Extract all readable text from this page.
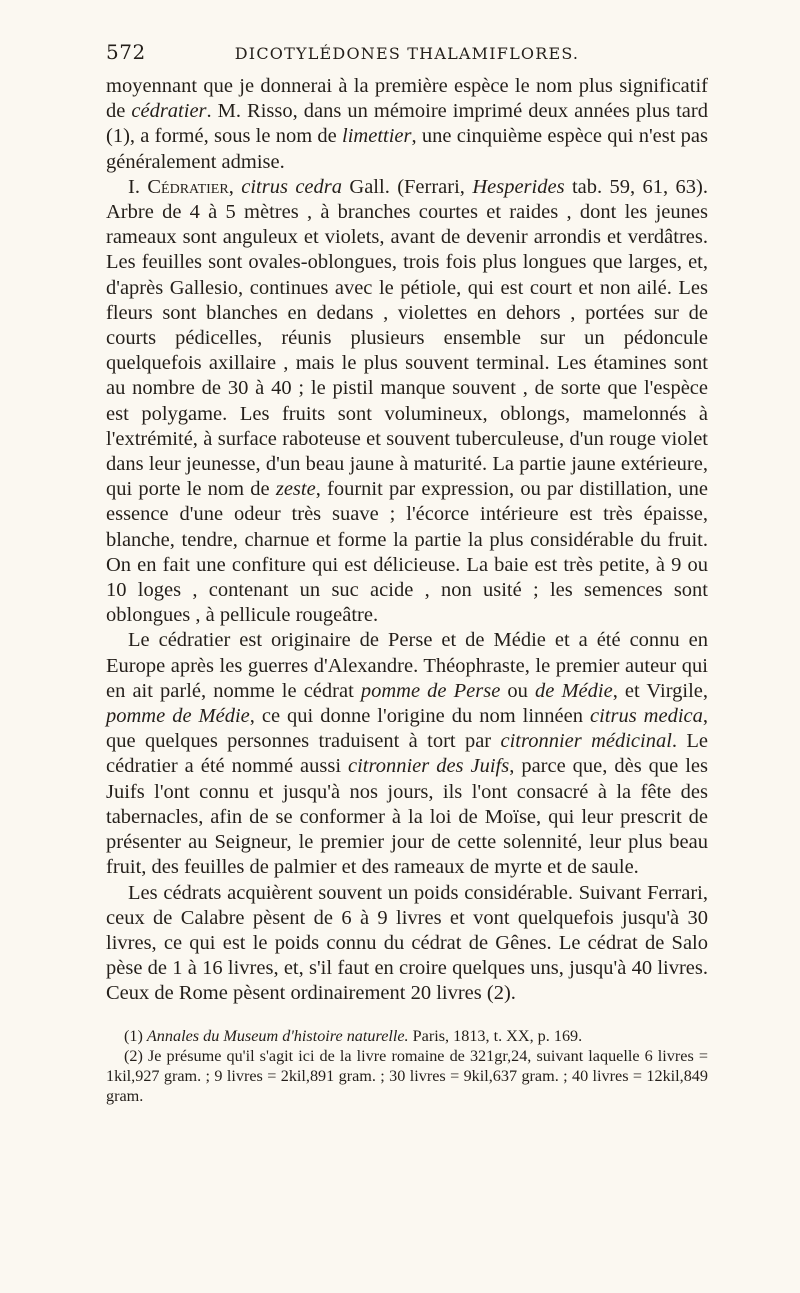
572	DICOTYLÉDONES THALAMIFLORES.

moyennant que je donnerai à la première espèce le nom plus significatif de cédratier. M. Risso, dans un mémoire imprimé deux années plus tard (1), a formé, sous le nom de limettier, une cinquième espèce qui n'est pas généralement admise.

I. Cédratier, citrus cedra Gall. (Ferrari, Hesperides tab. 59, 61, 63). Arbre de 4 à 5 mètres , à branches courtes et raides , dont les jeunes rameaux sont anguleux et violets, avant de devenir arrondis et verdâtres. Les feuilles sont ovales-oblongues, trois fois plus longues que larges, et, d'après Gallesio, continues avec le pétiole, qui est court et non ailé. Les fleurs sont blanches en dedans , violettes en dehors , portées sur de courts pédicelles, réunis plusieurs ensemble sur un pédoncule quelquefois axillaire , mais le plus souvent terminal. Les étamines sont au nombre de 30 à 40 ; le pistil manque souvent , de sorte que l'espèce est polygame. Les fruits sont volumineux, oblongs, mamelonnés à l'extrémité, à surface raboteuse et souvent tuberculeuse, d'un rouge violet dans leur jeunesse, d'un beau jaune à maturité. La partie jaune extérieure, qui porte le nom de zeste, fournit par expression, ou par distillation, une essence d'une odeur très suave ; l'écorce intérieure est très épaisse, blanche, tendre, charnue et forme la partie la plus considérable du fruit. On en fait une confiture qui est délicieuse. La baie est très petite, à 9 ou 10 loges , contenant un suc acide , non usité ; les semences sont oblongues , à pellicule rougeâtre.

Le cédratier est originaire de Perse et de Médie et a été connu en Europe après les guerres d'Alexandre. Théophraste, le premier auteur qui en ait parlé, nomme le cédrat pomme de Perse ou de Médie, et Virgile, pomme de Médie, ce qui donne l'origine du nom linnéen citrus medica, que quelques personnes traduisent à tort par citronnier médicinal. Le cédratier a été nommé aussi citronnier des Juifs, parce que, dès que les Juifs l'ont connu et jusqu'à nos jours, ils l'ont consacré à la fête des tabernacles, afin de se conformer à la loi de Moïse, qui leur prescrit de présenter au Seigneur, le premier jour de cette solennité, leur plus beau fruit, des feuilles de palmier et des rameaux de myrte et de saule.

Les cédrats acquièrent souvent un poids considérable. Suivant Ferrari, ceux de Calabre pèsent de 6 à 9 livres et vont quelquefois jusqu'à 30 livres, ce qui est le poids connu du cédrat de Gênes. Le cédrat de Salo pèse de 1 à 16 livres, et, s'il faut en croire quelques uns, jusqu'à 40 livres. Ceux de Rome pèsent ordinairement 20 livres (2).

(1) Annales du Museum d'histoire naturelle. Paris, 1813, t. XX, p. 169.

(2) Je présume qu'il s'agit ici de la livre romaine de 321gr,24, suivant laquelle 6 livres = 1kil,927 gram. ; 9 livres = 2kil,891 gram. ; 30 livres = 9kil,637 gram. ; 40 livres = 12kil,849 gram.
